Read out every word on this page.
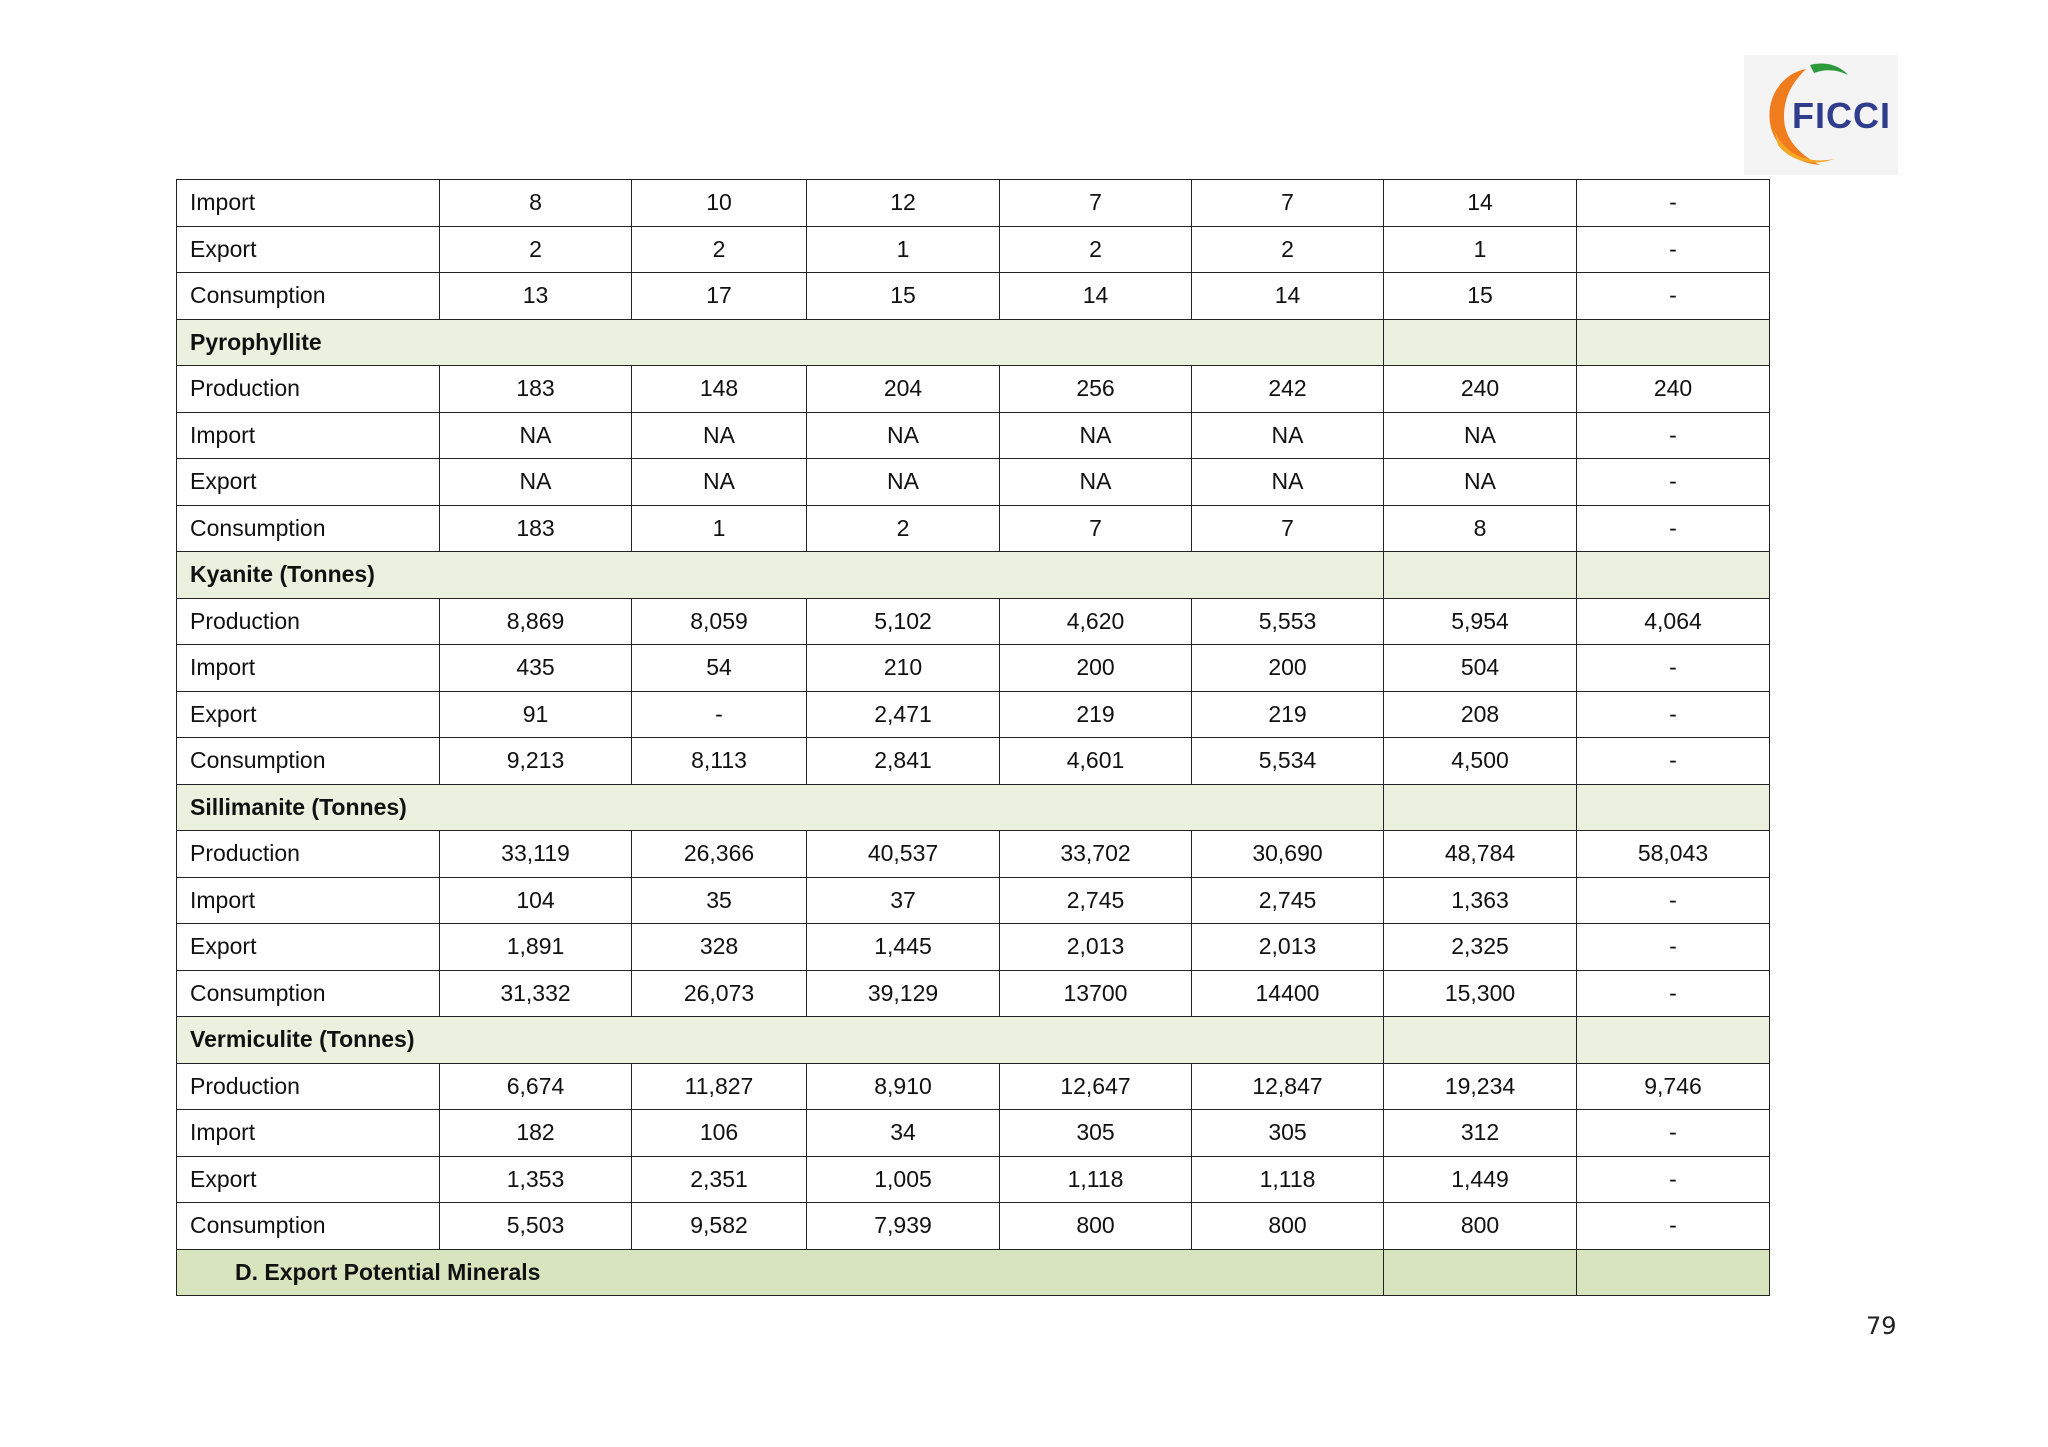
FICCI
Import	8	10	12	7	7	14	-
Export	2	2	1	2	2	1	-
Consumption	13	17	15	14	14	15	-
Pyrophyllite							
Production	183	148	204	256	242	240	240
Import	NA	NA	NA	NA	NA	NA	-
Export	NA	NA	NA	NA	NA	NA	-
Consumption	183	1	2	7	7	8	-
Kyanite (Tonnes)							
Production	8,869	8,059	5,102	4,620	5,553	5,954	4,064
Import	435	54	210	200	200	504	-
Export	91	-	2,471	219	219	208	-
Consumption	9,213	8,113	2,841	4,601	5,534	4,500	-
Sillimanite (Tonnes)							
Production	33,119	26,366	40,537	33,702	30,690	48,784	58,043
Import	104	35	37	2,745	2,745	1,363	-
Export	1,891	328	1,445	2,013	2,013	2,325	-
Consumption	31,332	26,073	39,129	13700	14400	15,300	-
Vermiculite (Tonnes)							
Production	6,674	11,827	8,910	12,647	12,847	19,234	9,746
Import	182	106	34	305	305	312	-
Export	1,353	2,351	1,005	1,118	1,118	1,449	-
Consumption	5,503	9,582	7,939	800	800	800	-
D. Export Potential Minerals							
79
